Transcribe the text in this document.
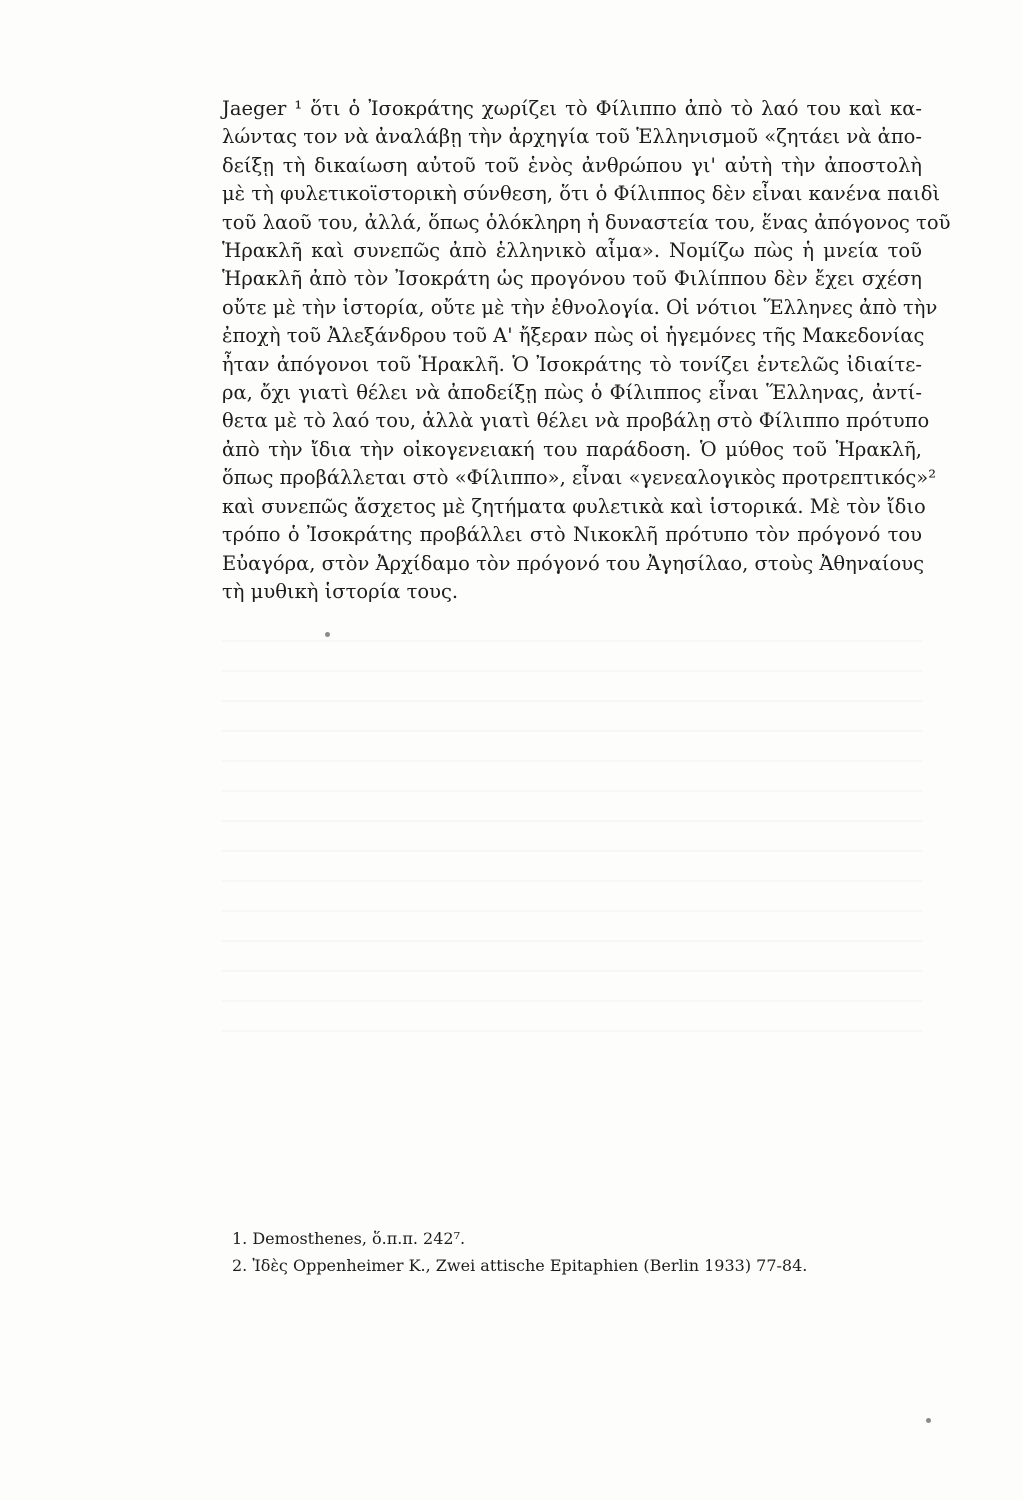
Jaeger ¹ ὅτι ὁ Ἰσοκράτης χωρίζει τὸ Φίλιππο ἀπὸ τὸ λαό του καὶ κα-
λώντας τον νὰ ἀναλάβῃ τὴν ἀρχηγία τοῦ Ἑλληνισμοῦ «ζητάει νὰ ἀπο-
δείξῃ τὴ δικαίωση αὐτοῦ τοῦ ἑνὸς ἀνθρώπου γι' αὐτὴ τὴν ἀποστολὴ
μὲ τὴ φυλετικοϊστορικὴ σύνθεση, ὅτι ὁ Φίλιππος δὲν εἶναι κανένα παιδὶ
τοῦ λαοῦ του, ἀλλά, ὅπως ὁλόκληρη ἡ δυναστεία του, ἕνας ἀπόγονος τοῦ
Ἡρακλῆ καὶ συνεπῶς ἀπὸ ἑλληνικὸ αἷμα». Νομίζω πὼς ἡ μνεία τοῦ
Ἡρακλῆ ἀπὸ τὸν Ἰσοκράτη ὡς προγόνου τοῦ Φιλίππου δὲν ἔχει σχέση
οὔτε μὲ τὴν ἱστορία, οὔτε μὲ τὴν ἐθνολογία. Οἱ νότιοι Ἕλληνες ἀπὸ τὴν
ἐποχὴ τοῦ Ἀλεξάνδρου τοῦ Α' ἤξεραν πὼς οἱ ἡγεμόνες τῆς Μακεδονίας
ἦταν ἀπόγονοι τοῦ Ἡρακλῆ. Ὁ Ἰσοκράτης τὸ τονίζει ἐντελῶς ἰδιαίτε-
ρα, ὄχι γιατὶ θέλει νὰ ἀποδείξῃ πὼς ὁ Φίλιππος εἶναι Ἕλληνας, ἀντί-
θετα μὲ τὸ λαό του, ἀλλὰ γιατὶ θέλει νὰ προβάλῃ στὸ Φίλιππο πρότυπο
ἀπὸ τὴν ἴδια τὴν οἰκογενειακή του παράδοση. Ὁ μύθος τοῦ Ἡρακλῆ,
ὅπως προβάλλεται στὸ «Φίλιππο», εἶναι «γενεαλογικὸς προτρεπτικός»²
καὶ συνεπῶς ἄσχετος μὲ ζητήματα φυλετικὰ καὶ ἱστορικά. Μὲ τὸν ἴδιο
τρόπο ὁ Ἰσοκράτης προβάλλει στὸ Νικοκλῆ πρότυπο τὸν πρόγονό του
Εὐαγόρα, στὸν Ἀρχίδαμο τὸν πρόγονό του Ἀγησίλαο, στοὺς Ἀθηναίους
τὴ μυθικὴ ἱστορία τους.
1. Demosthenes, ὅ.π.π. 242⁷.
2. Ἰδὲς Oppenheimer K., Zwei attische Epitaphien (Berlin 1933) 77-84.
